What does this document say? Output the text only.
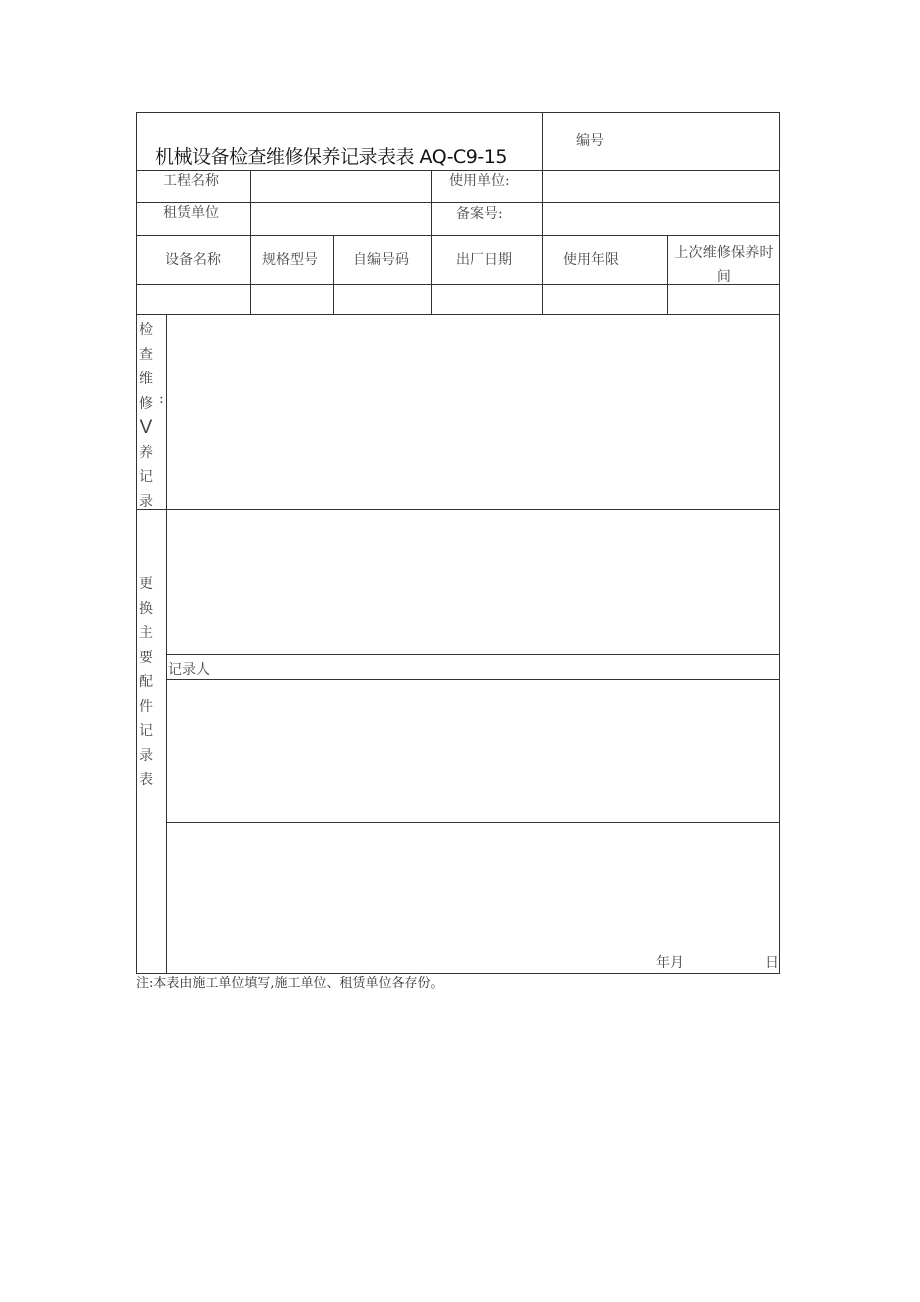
机械设备检查维修保养记录表表 AQ-C9-15
编号
工程名称	使用单位:
租赁单位	备案号:
设备名称	规格型号	自编号码	出厂日期	使用年限	上次维修保养时间
检
查
维
修
V
养
记
录
:
更
换
主
要
配
件
记
录
表
记录人
年月	日
注:本表由施工单位填写,施工单位、租赁单位各存份。
